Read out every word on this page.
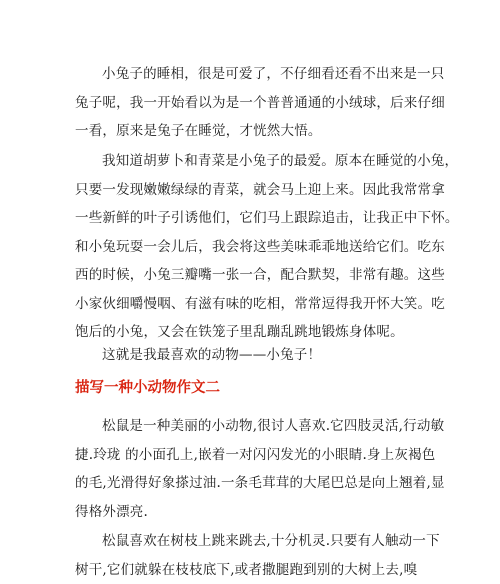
小兔子的睡相，很是可爱了，不仔细看还看不出来是一只
兔子呢，我一开始看以为是一个普普通通的小绒球，后来仔细
一看，原来是兔子在睡觉，才恍然大悟。
我知道胡萝卜和青菜是小兔子的最爱。原本在睡觉的小兔，
只要一发现嫩嫩绿绿的青菜，就会马上迎上来。因此我常常拿
一些新鲜的叶子引诱他们，它们马上跟踪追击，让我正中下怀。
和小兔玩耍一会儿后，我会将这些美味乖乖地送给它们。吃东
西的时候，小兔三瓣嘴一张一合，配合默契，非常有趣。这些
小家伙细嚼慢咽、有滋有味的吃相，常常逗得我开怀大笑。吃
饱后的小兔，又会在铁笼子里乱蹦乱跳地锻炼身体呢。
这就是我最喜欢的动物——小兔子！
描写一种小动物作文二
松鼠是一种美丽的小动物,很讨人喜欢.它四肢灵活,行动敏
捷.玲珑 的小面孔上,嵌着一对闪闪发光的小眼睛.身上灰褐色
的毛,光滑得好象搽过油.一条毛茸茸的大尾巴总是向上翘着,显
得格外漂亮.
松鼠喜欢在树枝上跳来跳去,十分机灵.只要有人触动一下
树干,它们就躲在枝枝底下,或者撒腿跑到别的大树上去,嗅
